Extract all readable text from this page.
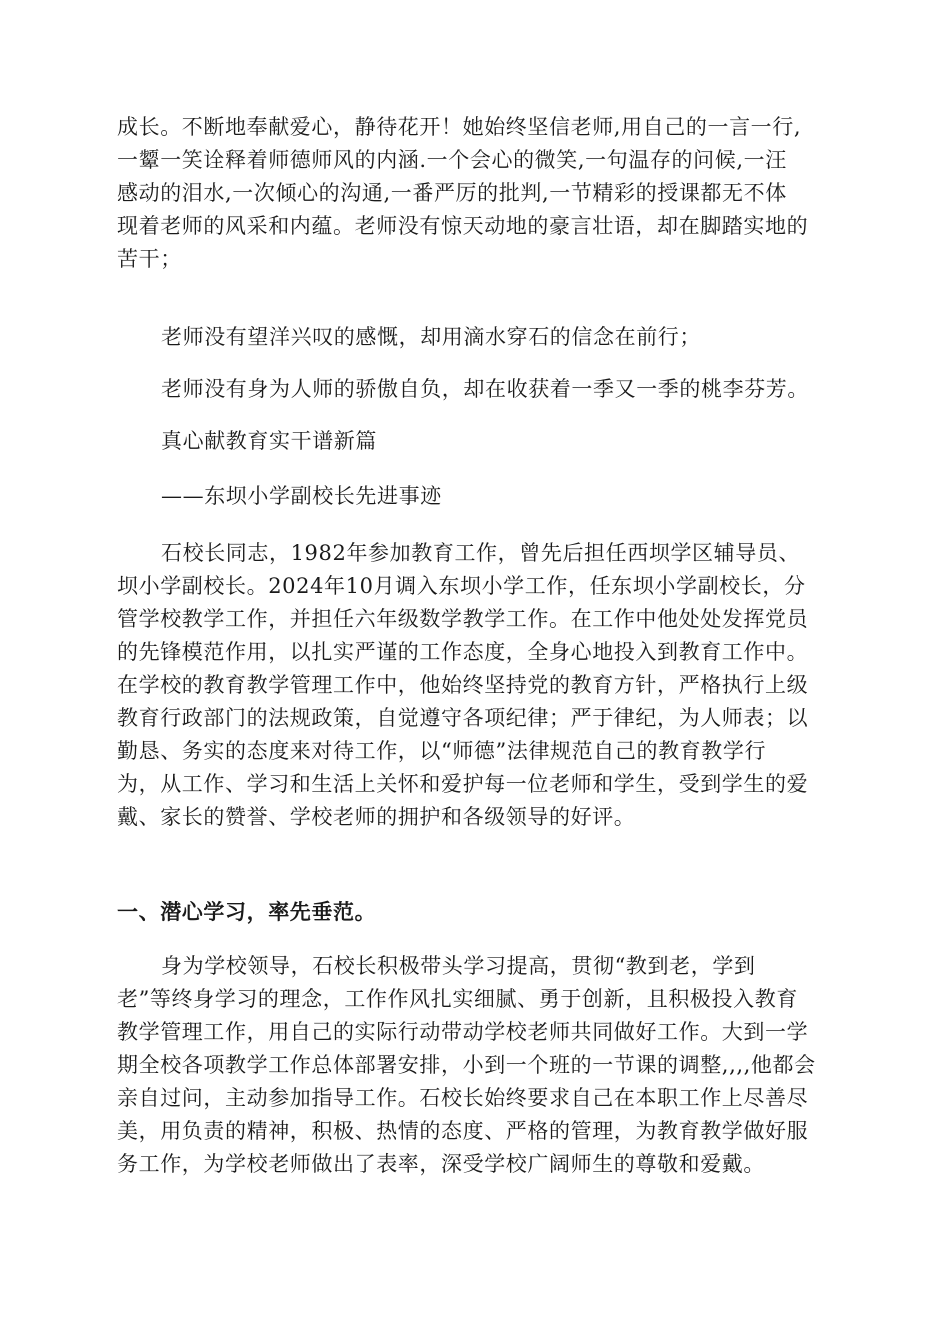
成长。不断地奉献爱心，静待花开！她始终坚信老师,用自己的一言一行,
一颦一笑诠释着师德师风的内涵.一个会心的微笑,一句温存的问候,一汪
感动的泪水,一次倾心的沟通,一番严厉的批判,一节精彩的授课都无不体
现着老师的风采和内蕴。老师没有惊天动地的豪言壮语，却在脚踏实地的
苦干；
老师没有望洋兴叹的感慨，却用滴水穿石的信念在前行；
老师没有身为人师的骄傲自负，却在收获着一季又一季的桃李芬芳。
真心献教育实干谱新篇
——东坝小学副校长先进事迹
石校长同志，1982年参加教育工作，曾先后担任西坝学区辅导员、
坝小学副校长。2024年10月调入东坝小学工作，任东坝小学副校长，分
管学校教学工作，并担任六年级数学教学工作。在工作中他处处发挥党员
的先锋模范作用，以扎实严谨的工作态度，全身心地投入到教育工作中。
在学校的教育教学管理工作中，他始终坚持党的教育方针，严格执行上级
教育行政部门的法规政策，自觉遵守各项纪律；严于律纪，为人师表；以
勤恳、务实的态度来对待工作，以“师德”法律规范自己的教育教学行
为，从工作、学习和生活上关怀和爱护每一位老师和学生，受到学生的爱
戴、家长的赞誉、学校老师的拥护和各级领导的好评。
一、潜心学习，率先垂范。
身为学校领导，石校长积极带头学习提高，贯彻“教到老，学到
老”等终身学习的理念，工作作风扎实细腻、勇于创新，且积极投入教育
教学管理工作，用自己的实际行动带动学校老师共同做好工作。大到一学
期全校各项教学工作总体部署安排，小到一个班的一节课的调整,,,,他都会
亲自过问，主动参加指导工作。石校长始终要求自己在本职工作上尽善尽
美，用负责的精神，积极、热情的态度、严格的管理，为教育教学做好服
务工作，为学校老师做出了表率，深受学校广阔师生的尊敬和爱戴。
